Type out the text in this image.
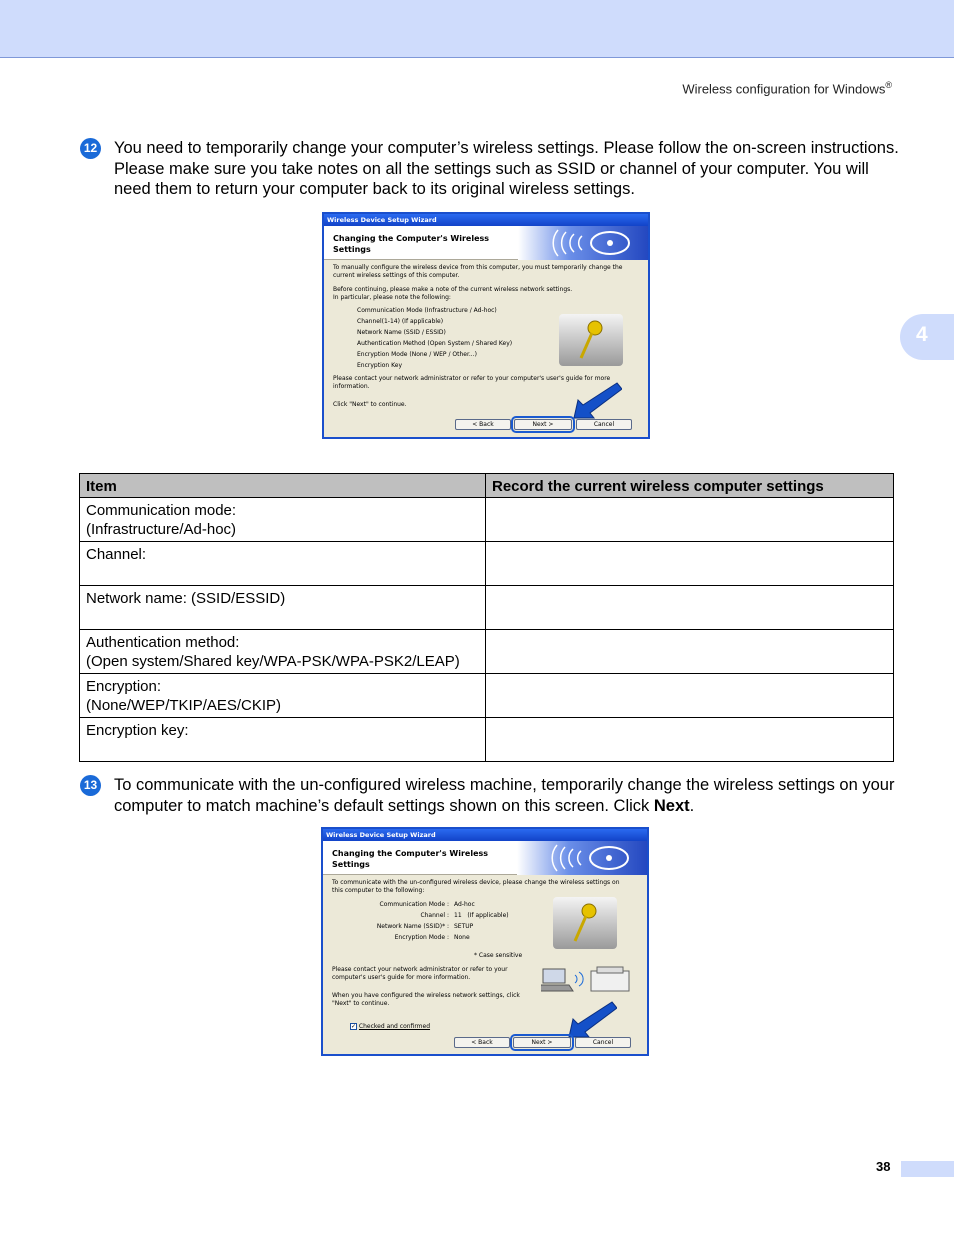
Wireless configuration for Windows®
4
12 You need to temporarily change your computer’s wireless settings. Please follow the on-screen instructions. Please make sure you take notes on all the settings such as SSID or channel of your computer. You will need them to return your computer back to its original wireless settings.
Wireless Device Setup Wizard
Changing the Computer's Wireless
Settings
To manually configure the wireless device from this computer, you must temporarily change the
current wireless settings of this computer.
Before continuing, please make a note of the current wireless network settings.
In particular, please note the following:
Communication Mode (Infrastructure / Ad-hoc)
Channel(1-14) (If applicable)
Network Name (SSID / ESSID)
Authentication Method (Open System / Shared Key)
Encryption Mode (None / WEP / Other...)
Encryption Key
Please contact your network administrator or refer to your computer's user's guide for more
information.
Click "Next" to continue.
< Back	Next >	Cancel
Item	Record the current wireless computer settings

Communication mode:
(Infrastructure/Ad-hoc)	

Channel:	

Network name: (SSID/ESSID)	

Authentication method:
(Open system/Shared key/WPA-PSK/WPA-PSK2/LEAP)	

Encryption:
(None/WEP/TKIP/AES/CKIP)	

Encryption key:	

13 To communicate with the un-configured wireless machine, temporarily change the wireless settings on your computer to match machine’s default settings shown on this screen. Click Next.
Wireless Device Setup Wizard
Changing the Computer's Wireless
Settings
To communicate with the un-configured wireless device, please change the wireless settings on
this computer to the following:
Communication Mode : Ad-hoc
Channel : 11   (If applicable)
Network Name (SSID)* : SETUP
Encryption Mode : None
* Case sensitive
Please contact your network administrator or refer to your
computer's user's guide for more information.
When you have configured the wireless network settings, click
"Next" to continue.
✓ Checked and confirmed
< Back	Next >	Cancel
38
